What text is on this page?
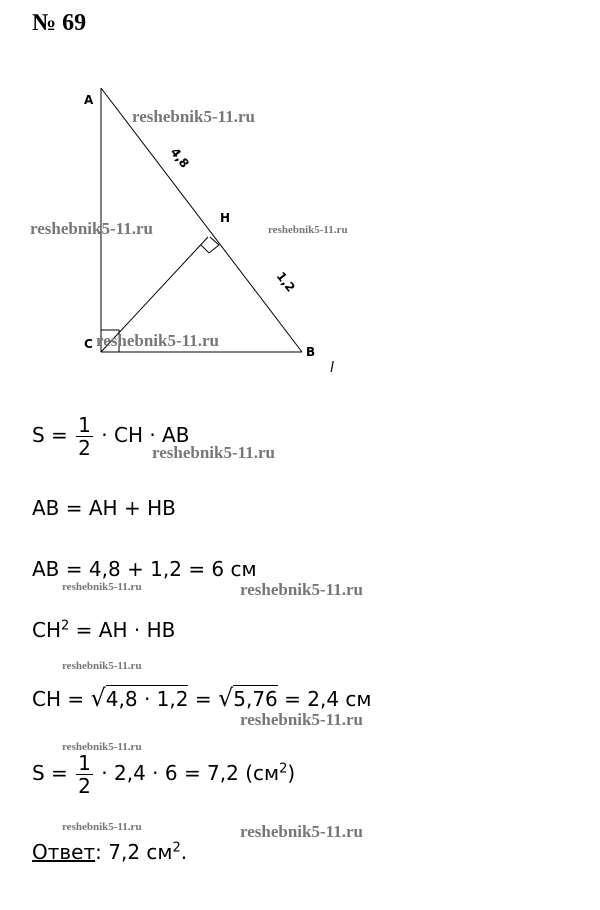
№ 69
A
H
C
B
4,8
1,2
l
reshebnik5-11.ru
reshebnik5-11.ru	reshebnik5-11.ru
reshebnik5-11.ru
reshebnik5-11.ru
reshebnik5-11.ru	reshebnik5-11.ru
reshebnik5-11.ru
reshebnik5-11.ru
reshebnik5-11.ru
reshebnik5-11.ru	reshebnik5-11.ru
$S = \frac{1}{2}$ · CH · AB
AB = AH + HB
AB = 4,8 + 1,2 = 6 см
$CH^2$ = AH · HB
CH = √4,8 · 1,2 = √5,76 = 2,4 см
$S = \frac{1}{2} \cdot 2,4 \cdot 6 = 7,2$ $(см^2)$
Ответ: 7,2 $см^2$.
